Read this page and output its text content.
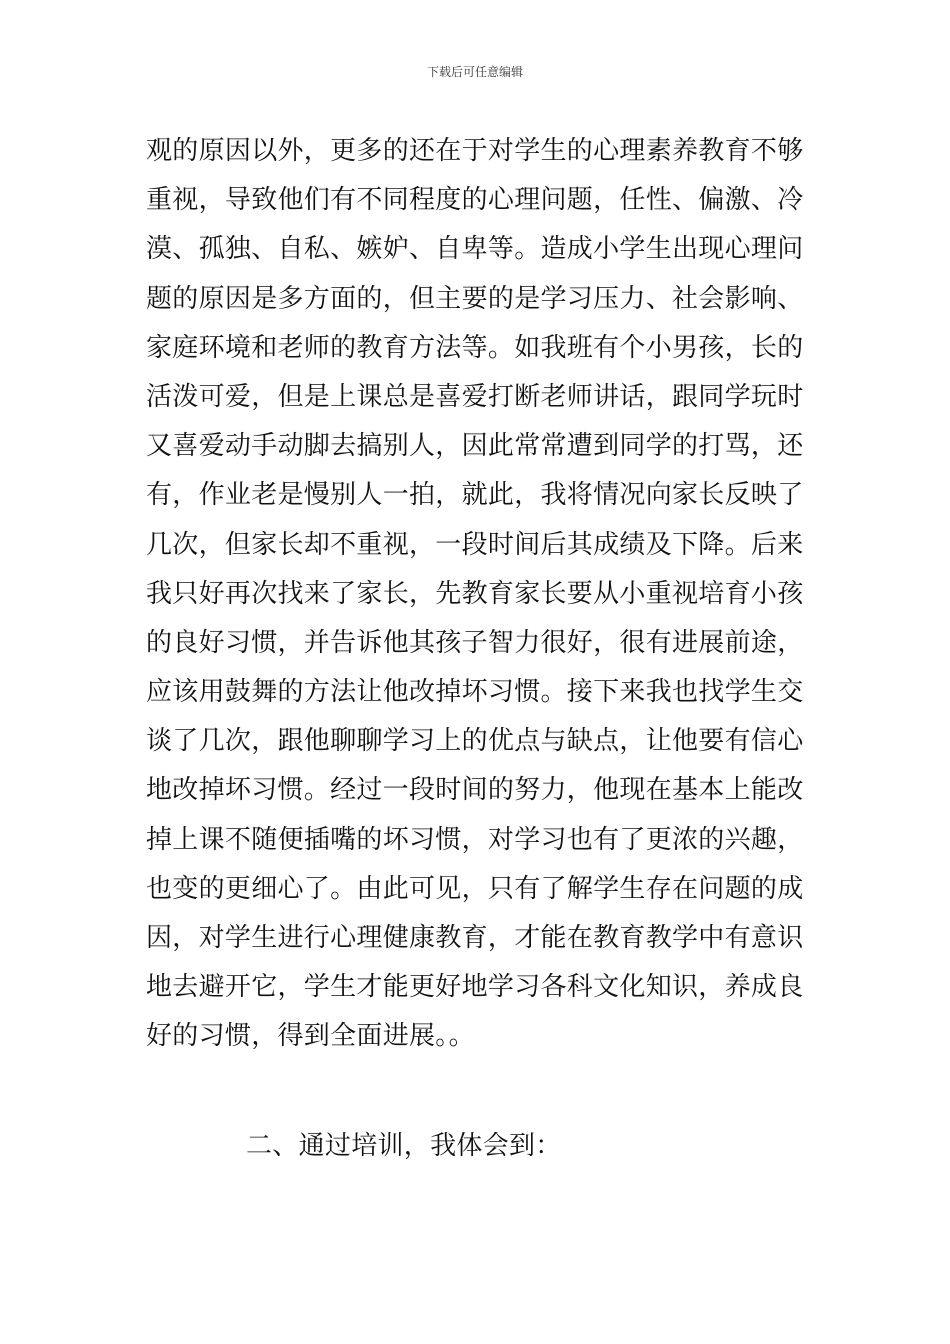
下载后可任意编辑
观的原因以外，更多的还在于对学生的心理素养教育不够
重视，导致他们有不同程度的心理问题，任性、偏激、冷
漠、孤独、自私、嫉妒、自卑等。造成小学生出现心理问
题的原因是多方面的，但主要的是学习压力、社会影响、
家庭环境和老师的教育方法等。如我班有个小男孩，长的
活泼可爱，但是上课总是喜爱打断老师讲话，跟同学玩时
又喜爱动手动脚去搞别人，因此常常遭到同学的打骂，还
有，作业老是慢别人一拍，就此，我将情况向家长反映了
几次，但家长却不重视，一段时间后其成绩及下降。后来
我只好再次找来了家长，先教育家长要从小重视培育小孩
的良好习惯，并告诉他其孩子智力很好，很有进展前途，
应该用鼓舞的方法让他改掉坏习惯。接下来我也找学生交
谈了几次，跟他聊聊学习上的优点与缺点，让他要有信心
地改掉坏习惯。经过一段时间的努力，他现在基本上能改
掉上课不随便插嘴的坏习惯，对学习也有了更浓的兴趣，
也变的更细心了。由此可见，只有了解学生存在问题的成
因，对学生进行心理健康教育，才能在教育教学中有意识
地去避开它，学生才能更好地学习各科文化知识，养成良
好的习惯，得到全面进展。。
二、通过培训，我体会到：
